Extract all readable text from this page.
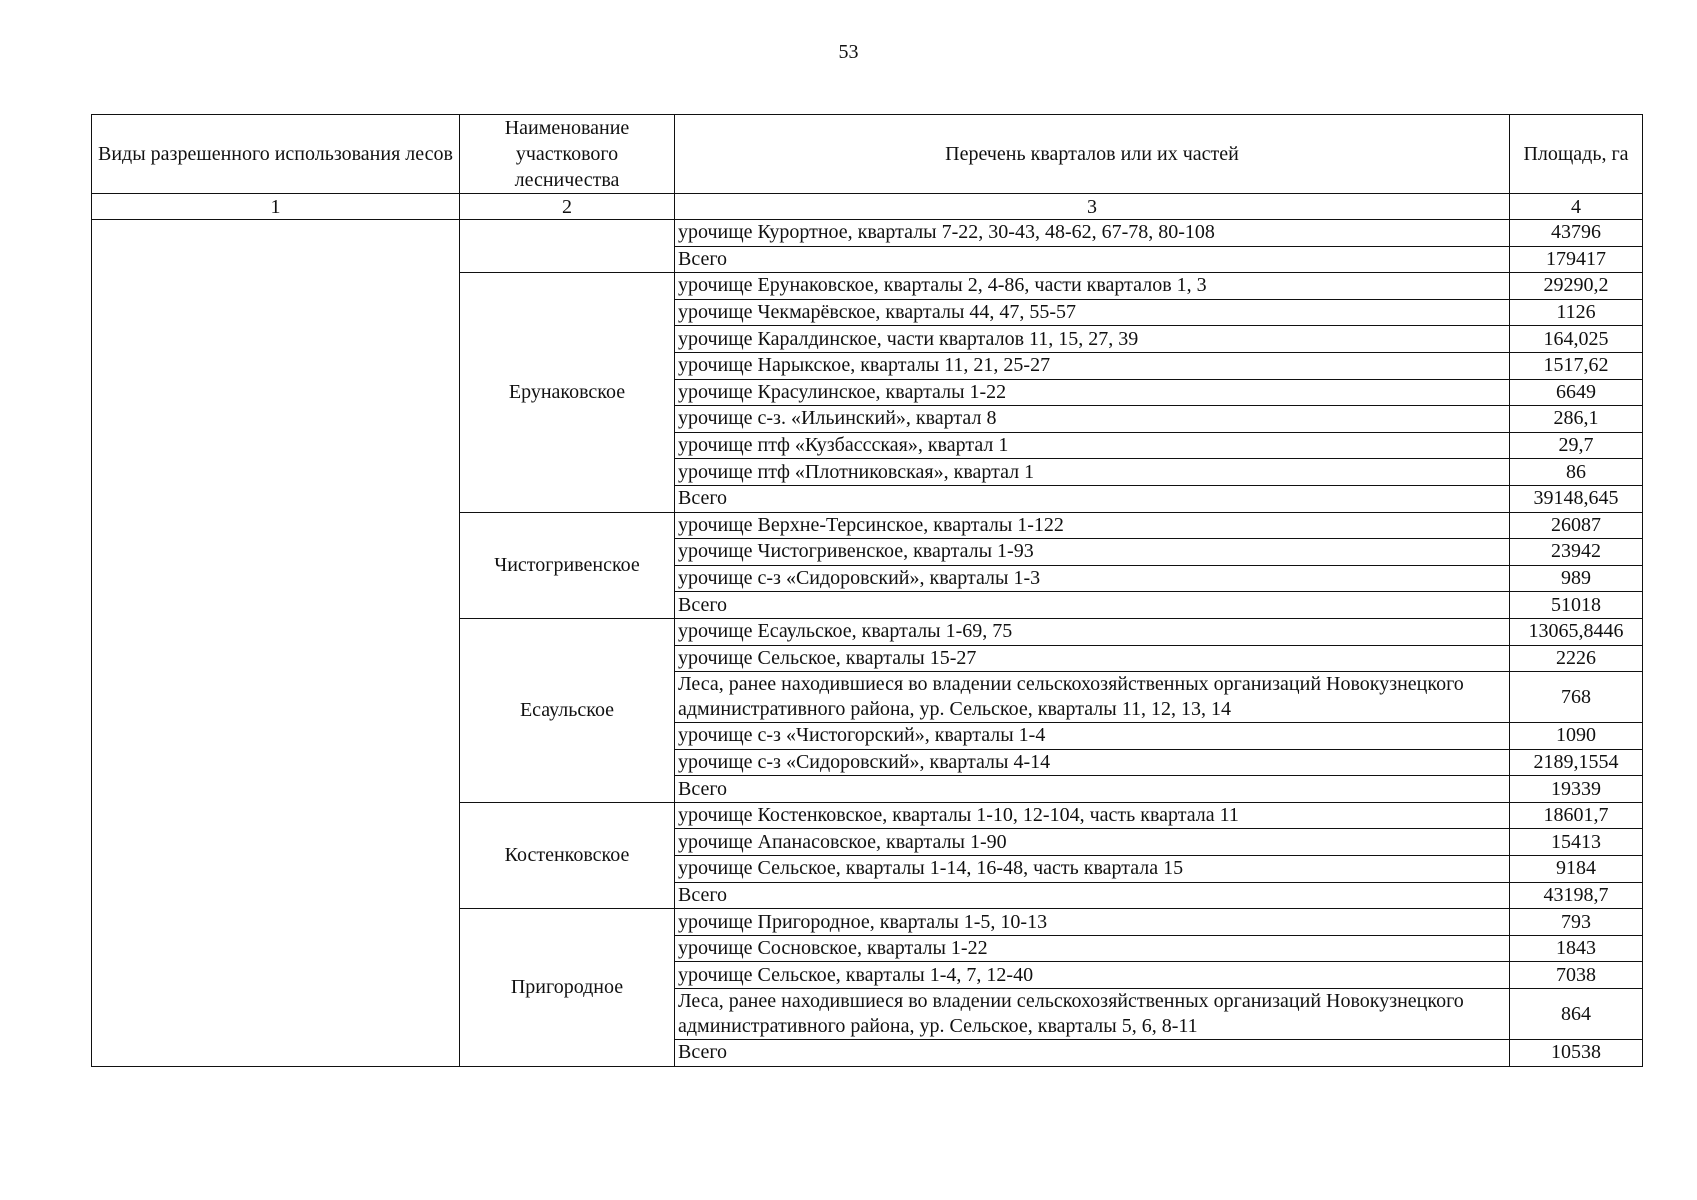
53
Виды разрешенного использования лесов	Наименование участкового лесничества	Перечень кварталов или их частей	Площадь, га
1	2	3	4
		урочище Курортное, кварталы 7-22, 30-43, 48-62, 67-78, 80-108	43796
		Всего	179417
	Ерунаковское	урочище Ерунаковское, кварталы 2, 4-86, части кварталов 1, 3	29290,2
		урочище Чекмарёвское, кварталы 44, 47, 55-57	1126
		урочище Каралдинское, части кварталов 11, 15, 27, 39	164,025
		урочище Нарыкское, кварталы 11, 21, 25-27	1517,62
		урочище Красулинское, кварталы 1-22	6649
		урочище с-з. «Ильинский», квартал 8	286,1
		урочище птф «Кузбассская», квартал 1	29,7
		урочище птф «Плотниковская», квартал 1	86
		Всего	39148,645
	Чистогривенское	урочище Верхне-Терсинское, кварталы 1-122	26087
		урочище Чистогривенское, кварталы 1-93	23942
		урочище с-з «Сидоровский», кварталы 1-3	989
		Всего	51018
	Есаульское	урочище Есаульское, кварталы 1-69, 75	13065,8446
		урочище Сельское, кварталы 15-27	2226
		Леса, ранее находившиеся во владении сельскохозяйственных организаций Новокузнецкого административного района, ур. Сельское, кварталы 11, 12, 13, 14	768
		урочище с-з «Чистогорский», кварталы 1-4	1090
		урочище с-з «Сидоровский», кварталы 4-14	2189,1554
		Всего	19339
	Костенковское	урочище Костенковское, кварталы 1-10, 12-104, часть квартала 11	18601,7
		урочище Апанасовское, кварталы 1-90	15413
		урочище Сельское, кварталы 1-14, 16-48, часть квартала 15	9184
		Всего	43198,7
	Пригородное	урочище Пригородное, кварталы 1-5, 10-13	793
		урочище Сосновское, кварталы 1-22	1843
		урочище Сельское, кварталы 1-4, 7, 12-40	7038
		Леса, ранее находившиеся во владении сельскохозяйственных организаций Новокузнецкого административного района, ур. Сельское, кварталы 5, 6, 8-11	864
		Всего	10538
